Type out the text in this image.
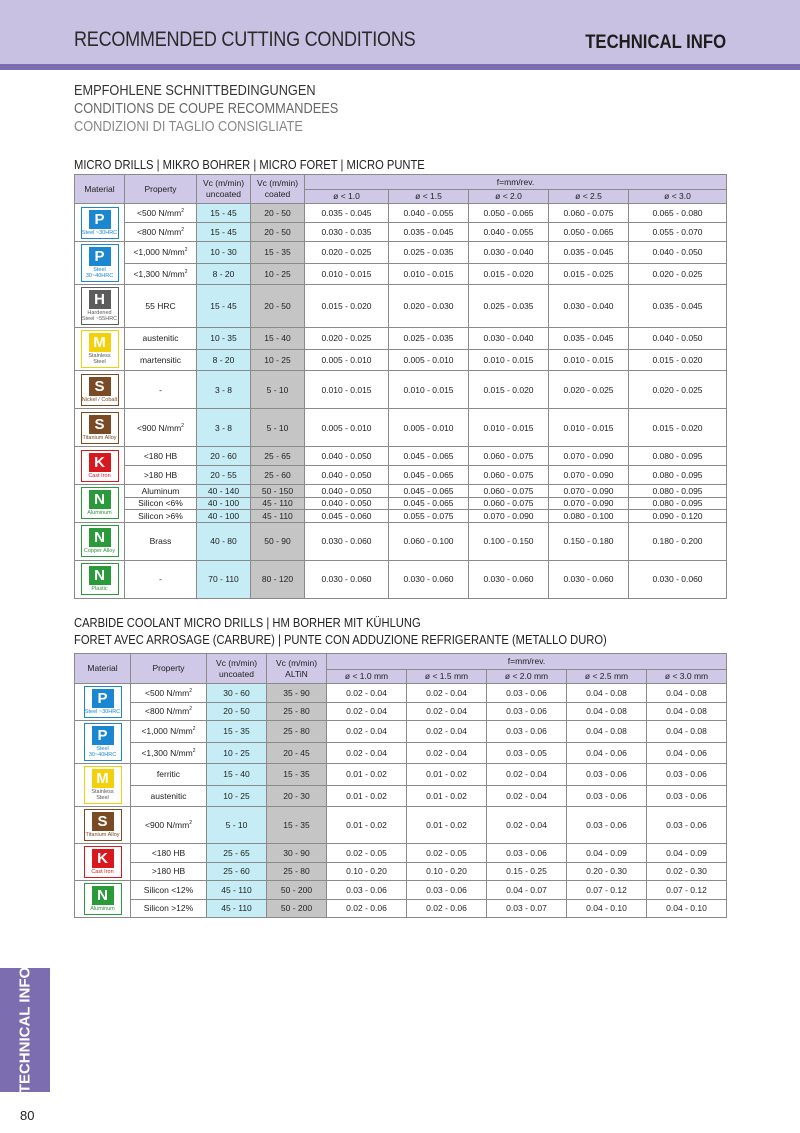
RECOMMENDED CUTTING CONDITIONS	TECHNICAL INFO
EMPFOHLENE SCHNITTBEDINGUNGEN
CONDITIONS DE COUPE RECOMMANDEES
CONDIZIONI DI TAGLIO CONSIGLIATE
MICRO DRILLS | MIKRO BOHRER | MICRO FORET | MICRO PUNTE
Material	Property	Vc (m/min)
uncoated	Vc (m/min)
coated	f=mm/rev.				
				ø < 1.0	ø < 1.5	ø < 2.0	ø < 2.5	ø < 3.0

P
Steel ~30HRC	<500 $N/mm^2$	15 - 45	20 - 50	0.035 - 0.045	0.040 - 0.055	0.050 - 0.065	0.060 - 0.075	0.065 - 0.080
	<800 $N/mm^2$	15 - 45	20 - 50	0.030 - 0.035	0.035 - 0.045	0.040 - 0.055	0.050 - 0.065	0.055 - 0.070

P
Steel 30~40HRC	<1,000 $N/mm^2$	10 - 30	15 - 35	0.020 - 0.025	0.025 - 0.035	0.030 - 0.040	0.035 - 0.045	0.040 - 0.050
	<1,300 $N/mm^2$	8 - 20	10 - 25	0.010 - 0.015	0.010 - 0.015	0.015 - 0.020	0.015 - 0.025	0.020 - 0.025

H
Hardened Steel ~55HRC	55 HRC	15 - 45	20 - 50	0.015 - 0.020	0.020 - 0.030	0.025 - 0.035	0.030 - 0.040	0.035 - 0.045

M
Stainless Steel	austenitic	10 - 35	15 - 40	0.020 - 0.025	0.025 - 0.035	0.030 - 0.040	0.035 - 0.045	0.040 - 0.050
	martensitic	8 - 20	10 - 25	0.005 - 0.010	0.005 - 0.010	0.010 - 0.015	0.010 - 0.015	0.015 - 0.020

S
Nickel / Cobalt	-	3 - 8	5 - 10	0.010 - 0.015	0.010 - 0.015	0.015 - 0.020	0.020 - 0.025	0.020 - 0.025

S
Titanium Alloy	<900 $N/mm^2$	3 - 8	5 - 10	0.005 - 0.010	0.005 - 0.010	0.010 - 0.015	0.010 - 0.015	0.015 - 0.020

K
Cast Iron	<180 HB	20 - 60	25 - 65	0.040 - 0.050	0.045 - 0.065	0.060 - 0.075	0.070 - 0.090	0.080 - 0.095
	>180 HB	20 - 55	25 - 60	0.040 - 0.050	0.045 - 0.065	0.060 - 0.075	0.070 - 0.090	0.080 - 0.095

N
Aluminum	Aluminum	40 - 140	50 - 150	0.040 - 0.050	0.045 - 0.065	0.060 - 0.075	0.070 - 0.090	0.080 - 0.095
	Silicon <6%	40 - 100	45 - 110	0.040 - 0.050	0.045 - 0.065	0.060 - 0.075	0.070 - 0.090	0.080 - 0.095
	Silicon >6%	40 - 100	45 - 110	0.045 - 0.060	0.055 - 0.075	0.070 - 0.090	0.080 - 0.100	0.090 - 0.120

N
Copper Alloy	Brass	40 - 80	50 - 90	0.030 - 0.060	0.060 - 0.100	0.100 - 0.150	0.150 - 0.180	0.180 - 0.200

N
Plastic	-	70 - 110	80 - 120	0.030 - 0.060	0.030 - 0.060	0.030 - 0.060	0.030 - 0.060	0.030 - 0.060
CARBIDE COOLANT MICRO DRILLS | HM BORHER MIT KÜHLUNG
FORET AVEC ARROSAGE (CARBURE) | PUNTE CON ADDUZIONE REFRIGERANTE (METALLO DURO)
Material	Property	Vc (m/min)
uncoated	Vc (m/min)
ALTiN	f=mm/rev.				
				ø < 1.0 mm	ø < 1.5 mm	ø < 2.0 mm	ø < 2.5 mm	ø < 3.0 mm

P
Steel ~30HRC	<500 $N/mm^2$	30 - 60	35 - 90	0.02 - 0.04	0.02 - 0.04	0.03 - 0.06	0.04 - 0.08	0.04 - 0.08
	<800 $N/mm^2$	20 - 50	25 - 80	0.02 - 0.04	0.02 - 0.04	0.03 - 0.06	0.04 - 0.08	0.04 - 0.08

P
Steel 30~40HRC	<1,000 $N/mm^2$	15 - 35	25 - 80	0.02 - 0.04	0.02 - 0.04	0.03 - 0.06	0.04 - 0.08	0.04 - 0.08
	<1,300 $N/mm^2$	10 - 25	20 - 45	0.02 - 0.04	0.02 - 0.04	0.03 - 0.05	0.04 - 0.06	0.04 - 0.06

M
Stainless Steel	ferritic	15 - 40	15 - 35	0.01 - 0.02	0.01 - 0.02	0.02 - 0.04	0.03 - 0.06	0.03 - 0.06
	austenitic	10 - 25	20 - 30	0.01 - 0.02	0.01 - 0.02	0.02 - 0.04	0.03 - 0.06	0.03 - 0.06

S
Titanium Alloy	<900 $N/mm^2$	5 - 10	15 - 35	0.01 - 0.02	0.01 - 0.02	0.02 - 0.04	0.03 - 0.06	0.03 - 0.06

K
Cast Iron	<180 HB	25 - 65	30 - 90	0.02 - 0.05	0.02 - 0.05	0.03 - 0.06	0.04 - 0.09	0.04 - 0.09
	>180 HB	25 - 60	25 - 80	0.10 - 0.20	0.10 - 0.20	0.15 - 0.25	0.20 - 0.30	0.02 - 0.30

N
Aluminum	Silicon <12%	45 - 110	50 - 200	0.03 - 0.06	0.03 - 0.06	0.04 - 0.07	0.07 - 0.12	0.07 - 0.12
	Silicon >12%	45 - 110	50 - 200	0.02 - 0.06	0.02 - 0.06	0.03 - 0.07	0.04 - 0.10	0.04 - 0.10
TECHNICAL INFO
80
